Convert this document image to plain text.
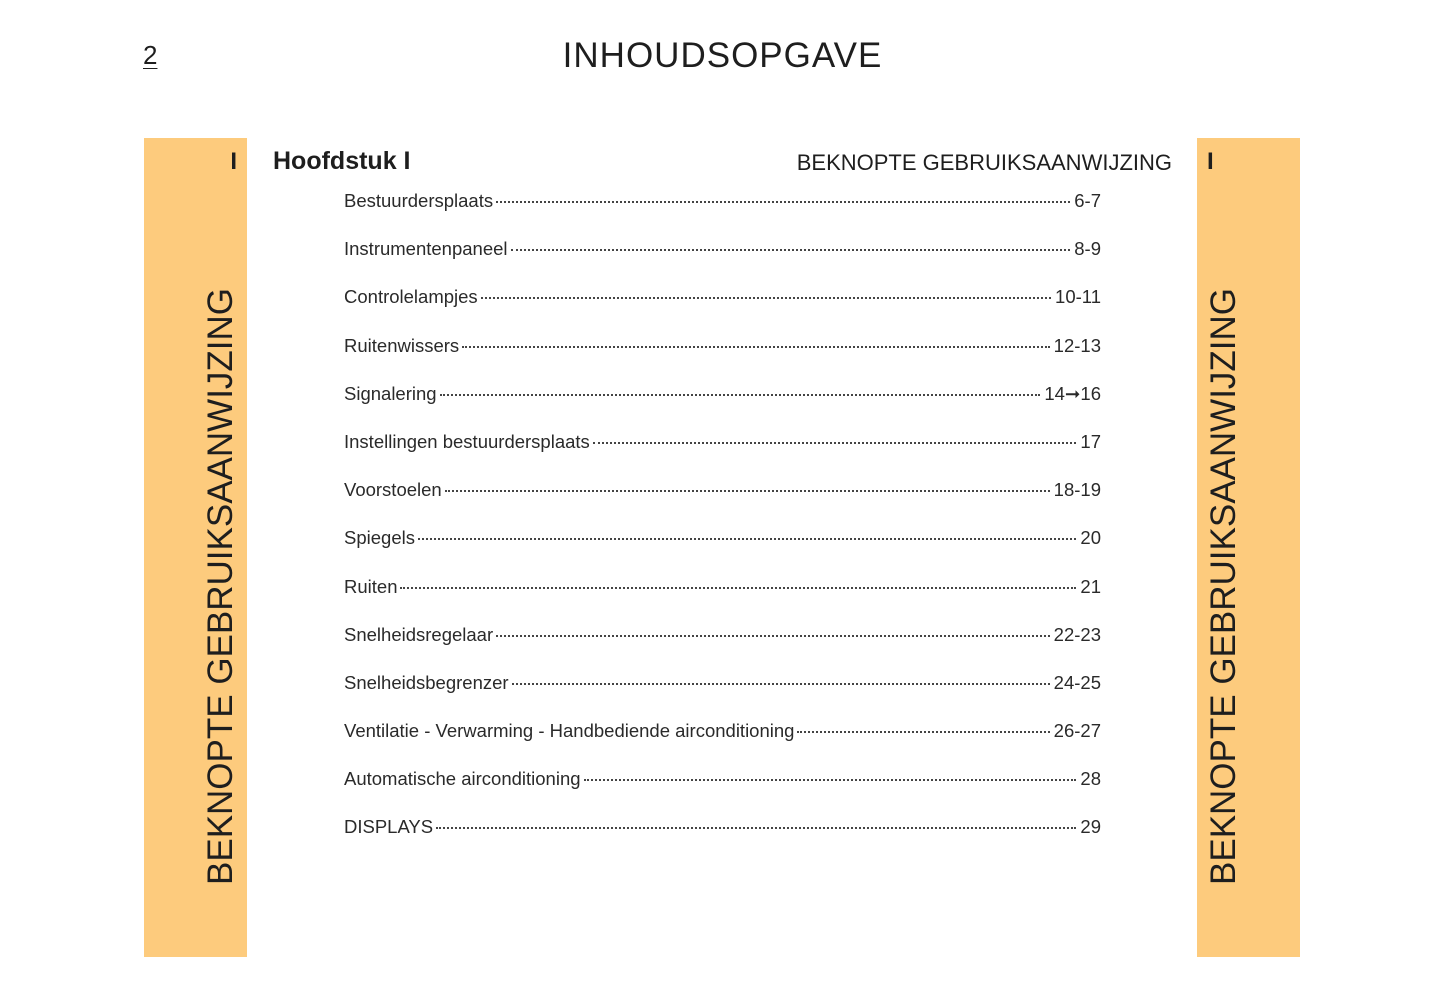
2	INHOUDSOPGAVE
I
BEKNOPTE GEBRUIKSAANWIJZING
I
BEKNOPTE GEBRUIKSAANWIJZING
Hoofdstuk I	BEKNOPTE GEBRUIKSAANWIJZING
Bestuurdersplaats	6-7
Instrumentenpaneel	8-9
Controlelampjes	10-11
Ruitenwissers	12-13
Signalering	14➞16
Instellingen bestuurdersplaats	17
Voorstoelen	18-19
Spiegels	20
Ruiten	21
Snelheidsregelaar	22-23
Snelheidsbegrenzer	24-25
Ventilatie - Verwarming - Handbediende airconditioning	26-27
Automatische airconditioning	28
DISPLAYS	29
